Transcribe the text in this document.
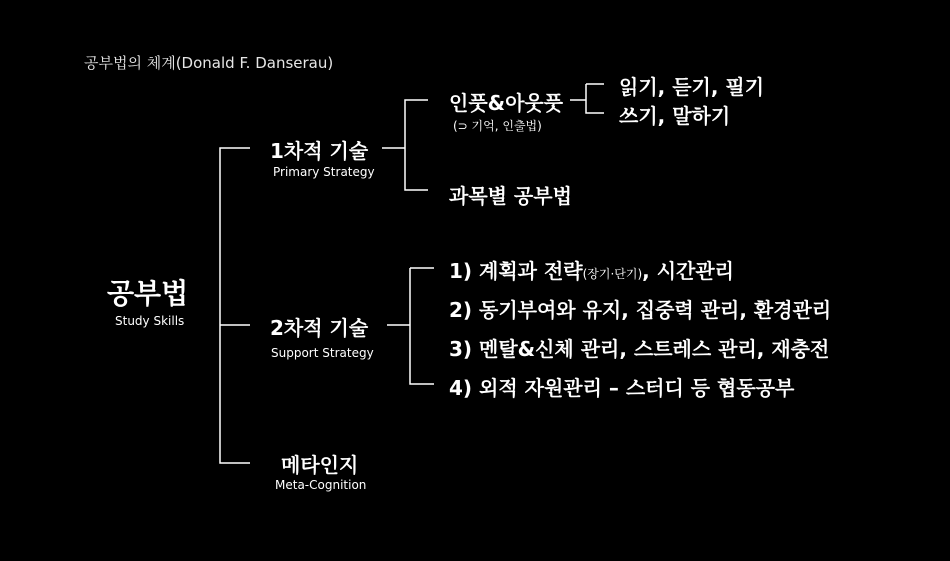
공부법의 체계(Donald F. Danserau)
공부법
Study Skills
1차적 기술
Primary Strategy
인풋&아웃풋
(⊃ 기억, 인출법)
읽기, 듣기, 필기
쓰기, 말하기
과목별 공부법
2차적 기술
Support Strategy
1) 계획과 전략(장기·단기), 시간관리
2) 동기부여와 유지, 집중력 관리, 환경관리
3) 멘탈&신체 관리, 스트레스 관리, 재충전
4) 외적 자원관리 – 스터디 등 협동공부
메타인지
Meta-Cognition
